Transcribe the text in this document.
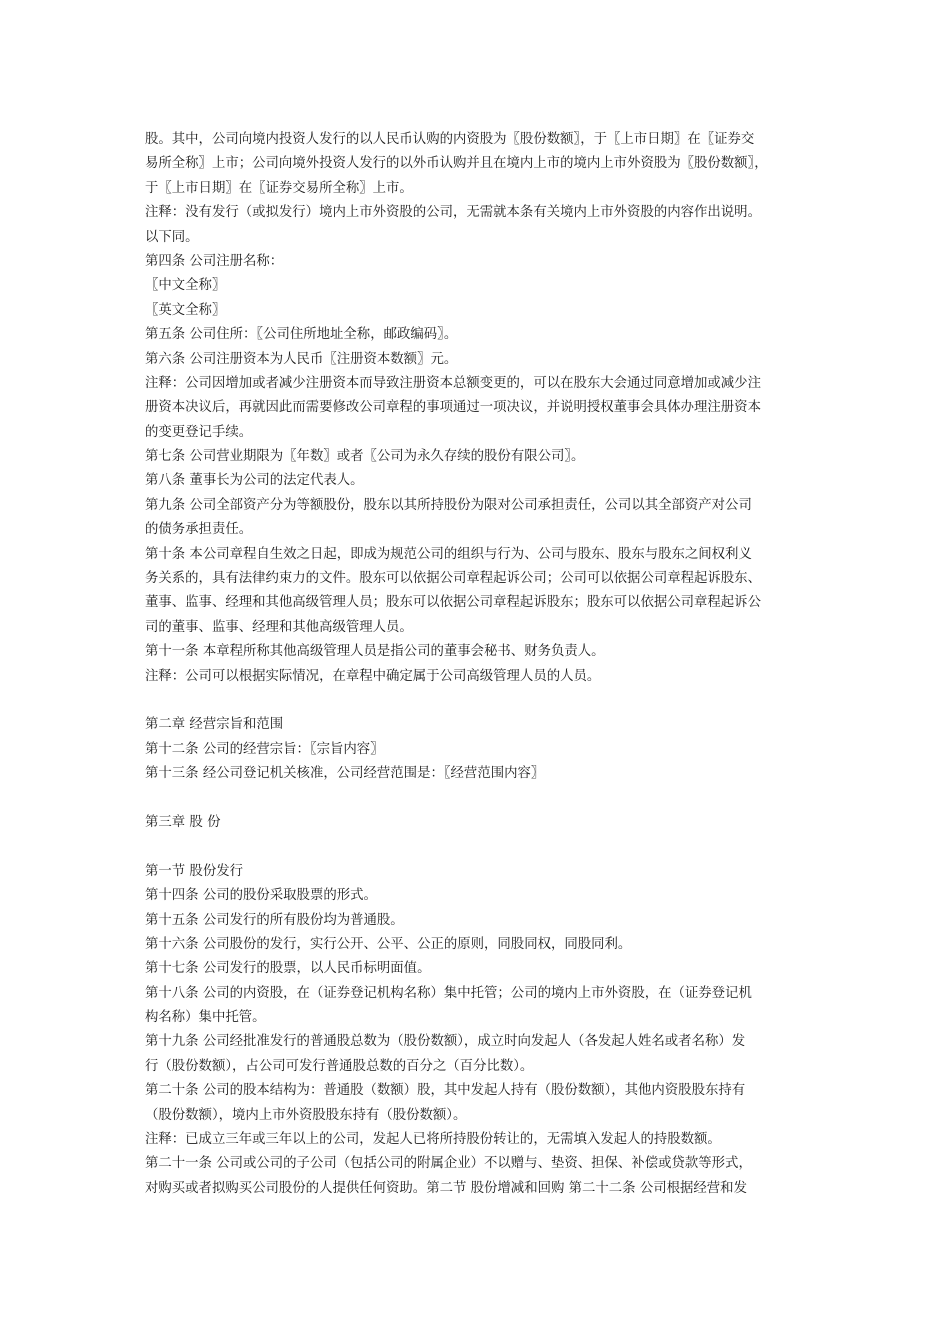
股。其中，公司向境内投资人发行的以人民币认购的内资股为〖股份数额〗，于〖上市日期〗在〖证券交
易所全称〗上市；公司向境外投资人发行的以外币认购并且在境内上市的境内上市外资股为〖股份数额〗，
于〖上市日期〗在〖证券交易所全称〗上市。
注释：没有发行（或拟发行）境内上市外资股的公司，无需就本条有关境内上市外资股的内容作出说明。
以下同。
第四条 公司注册名称：
〖中文全称〗
〖英文全称〗
第五条 公司住所：〖公司住所地址全称，邮政编码〗。
第六条 公司注册资本为人民币〖注册资本数额〗元。
注释：公司因增加或者减少注册资本而导致注册资本总额变更的，可以在股东大会通过同意增加或减少注
册资本决议后，再就因此而需要修改公司章程的事项通过一项决议，并说明授权董事会具体办理注册资本
的变更登记手续。
第七条 公司营业期限为〖年数〗或者〖公司为永久存续的股份有限公司〗。
第八条 董事长为公司的法定代表人。
第九条 公司全部资产分为等额股份，股东以其所持股份为限对公司承担责任，公司以其全部资产对公司
的债务承担责任。
第十条 本公司章程自生效之日起，即成为规范公司的组织与行为、公司与股东、股东与股东之间权利义
务关系的，具有法律约束力的文件。股东可以依据公司章程起诉公司；公司可以依据公司章程起诉股东、
董事、监事、经理和其他高级管理人员；股东可以依据公司章程起诉股东；股东可以依据公司章程起诉公
司的董事、监事、经理和其他高级管理人员。
第十一条 本章程所称其他高级管理人员是指公司的董事会秘书、财务负责人。
注释：公司可以根据实际情况，在章程中确定属于公司高级管理人员的人员。
第二章 经营宗旨和范围
第十二条 公司的经营宗旨：〖宗旨内容〗
第十三条 经公司登记机关核准，公司经营范围是：〖经营范围内容〗
第三章 股 份
第一节 股份发行
第十四条 公司的股份采取股票的形式。
第十五条 公司发行的所有股份均为普通股。
第十六条 公司股份的发行，实行公开、公平、公正的原则，同股同权，同股同利。
第十七条 公司发行的股票，以人民币标明面值。
第十八条 公司的内资股，在（证券登记机构名称）集中托管；公司的境内上市外资股，在（证券登记机
构名称）集中托管。
第十九条 公司经批准发行的普通股总数为（股份数额），成立时向发起人（各发起人姓名或者名称）发
行（股份数额），占公司可发行普通股总数的百分之（百分比数）。
第二十条 公司的股本结构为：普通股（数额）股，其中发起人持有（股份数额），其他内资股股东持有
（股份数额），境内上市外资股股东持有（股份数额）。
注释：已成立三年或三年以上的公司，发起人已将所持股份转让的，无需填入发起人的持股数额。
第二十一条 公司或公司的子公司（包括公司的附属企业）不以赠与、垫资、担保、补偿或贷款等形式，
对购买或者拟购买公司股份的人提供任何资助。第二节 股份增减和回购 第二十二条 公司根据经营和发
